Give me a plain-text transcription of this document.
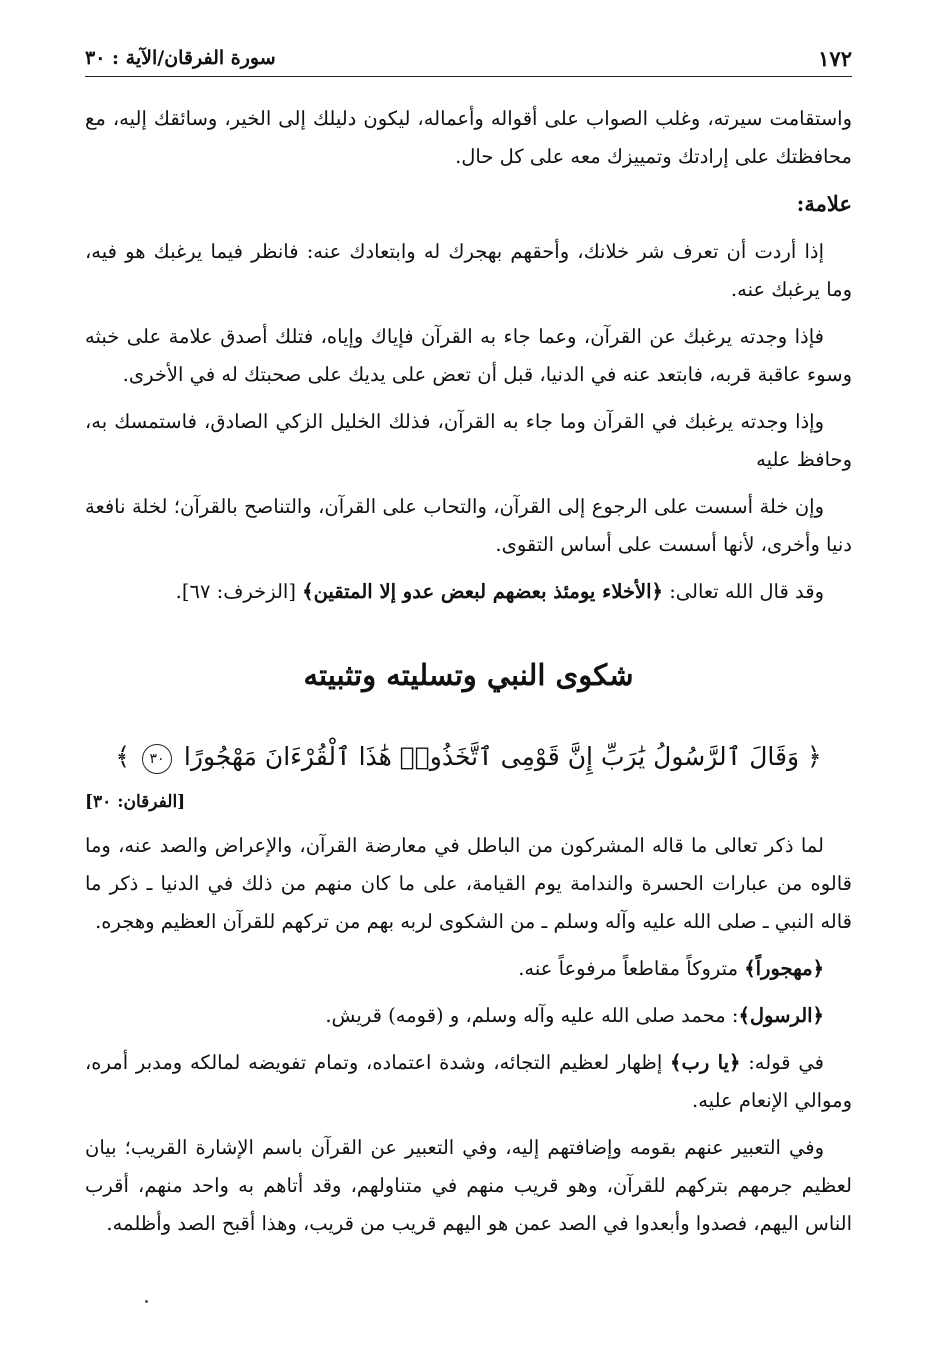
١٧٢
سورة الفرقان/الآية : ٣٠

واستقامت سيرته، وغلب الصواب على أقواله وأعماله، ليكون دليلك إلى الخير، وسائقك إليه، مع محافظتك على إرادتك وتمييزك معه على كل حال.

علامة:

إذا أردت أن تعرف شر خلانك، وأحقهم بهجرك له وابتعادك عنه: فانظر فيما يرغبك هو فيه، وما يرغبك عنه.

فإذا وجدته يرغبك عن القرآن، وعما جاء به القرآن فإياك وإياه، فتلك أصدق علامة على خبثه وسوء عاقبة قربه، فابتعد عنه في الدنيا، قبل أن تعض على يديك على صحبتك له في الأخرى.

وإذا وجدته يرغبك في القرآن وما جاء به القرآن، فذلك الخليل الزكي الصادق، فاستمسك به، وحافظ عليه

وإن خلة أسست على الرجوع إلى القرآن، والتحاب على القرآن، والتناصح بالقرآن؛ لخلة نافعة دنيا وأخرى، لأنها أسست على أساس التقوى.

وقد قال الله تعالى: ﴿الأخلاء يومئذ بعضهم لبعض عدو إلا المتقين﴾ [الزخرف: ٦٧].

شكوى النبي وتسليته وتثبيته
﴿ وَقَالَ ٱلرَّسُولُ يَٰرَبِّ إِنَّ قَوْمِى ٱتَّخَذُوا۟ هَٰذَا ٱلْقُرْءَانَ مَهْجُورًا ٣٠ ﴾
[الفرقان: ٣٠]

لما ذكر تعالى ما قاله المشركون من الباطل في معارضة القرآن، والإعراض والصد عنه، وما قالوه من عبارات الحسرة والندامة يوم القيامة، على ما كان منهم من ذلك في الدنيا ـ ذكر ما قاله النبي ـ صلى الله عليه وآله وسلم ـ من الشكوى لربه بهم من تركهم للقرآن العظيم وهجره.

﴿مهجوراً﴾ متروكاً مقاطعاً مرفوعاً عنه.

﴿الرسول﴾: محمد صلى الله عليه وآله وسلم، و (قومه) قريش.

في قوله: ﴿يا رب﴾ إظهار لعظيم التجائه، وشدة اعتماده، وتمام تفويضه لمالكه ومدبر أمره، وموالي الإنعام عليه.

وفي التعبير عنهم بقومه وإضافتهم إليه، وفي التعبير عن القرآن باسم الإشارة القريب؛ بيان لعظيم جرمهم بتركهم للقرآن، وهو قريب منهم في متناولهم، وقد أتاهم به واحد منهم، أقرب الناس اليهم، فصدوا وأبعدوا في الصد عمن هو اليهم قريب من قريب، وهذا أقبح الصد وأظلمه.
